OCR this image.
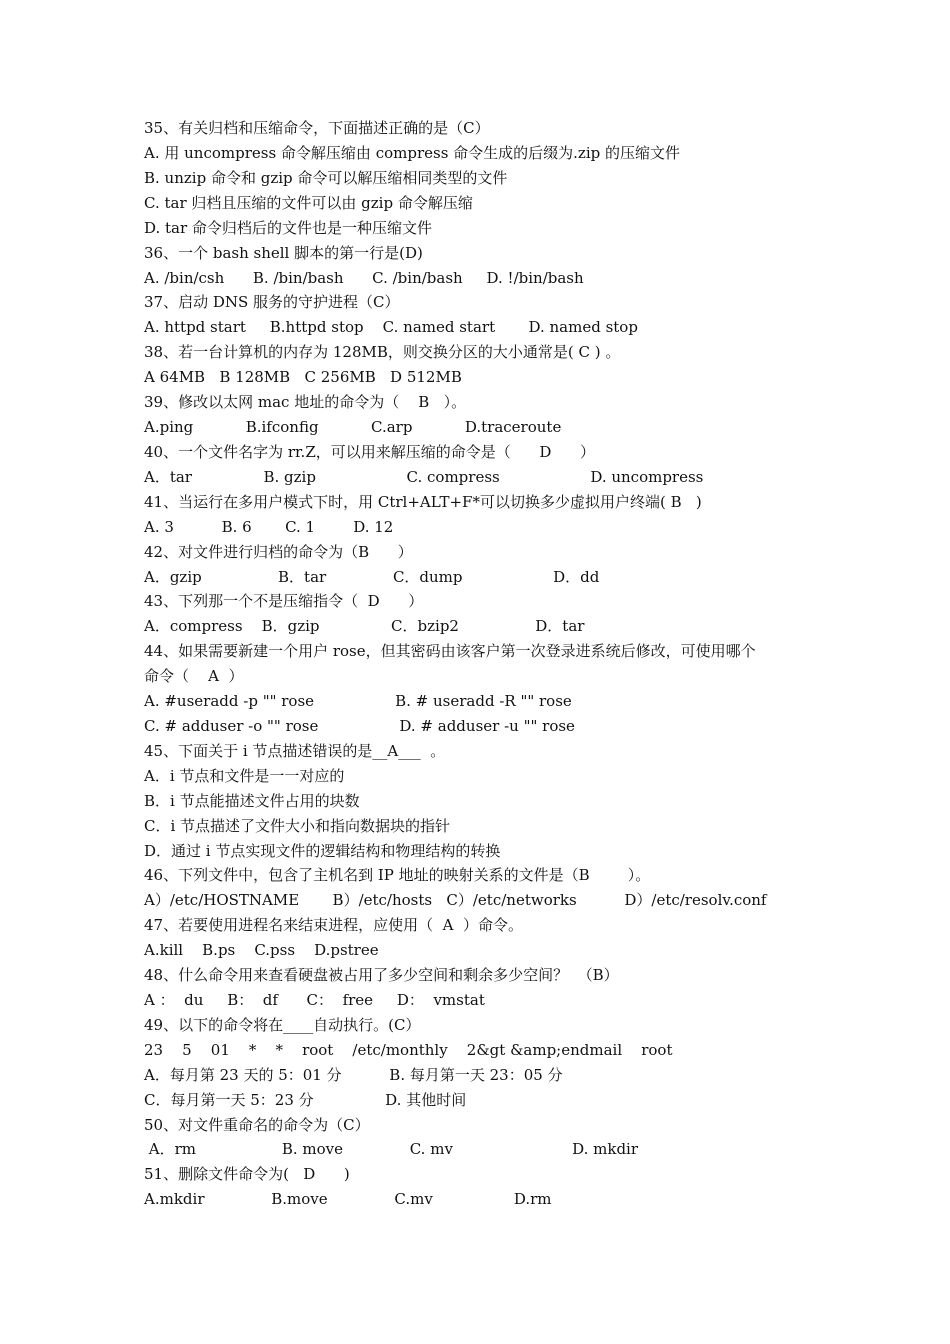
35、有关归档和压缩命令，下面描述正确的是（C）
A. 用 uncompress 命令解压缩由 compress 命令生成的后缀为.zip 的压缩文件
B. unzip 命令和 gzip 命令可以解压缩相同类型的文件
C. tar 归档且压缩的文件可以由 gzip 命令解压缩
D. tar 命令归档后的文件也是一种压缩文件
36、一个 bash shell 脚本的第一行是(D)
A. /bin/csh      B. /bin/bash      C. /bin/bash     D. !/bin/bash
37、启动 DNS 服务的守护进程（C）
A. httpd start     B.httpd stop    C. named start       D. named stop
38、若一台计算机的内存为 128MB，则交换分区的大小通常是( C ) 。
A 64MB   B 128MB   C 256MB   D 512MB
39、修改以太网 mac 地址的命令为（    B   ）。
A.ping           B.ifconfig           C.arp           D.traceroute
40、一个文件名字为 rr.Z，可以用来解压缩的命令是（      D      ）
A．tar               B. gzip                   C. compress                   D. uncompress
41、当运行在多用户模式下时，用 Ctrl+ALT+F*可以切换多少虚拟用户终端( B   )
A. 3          B. 6       C. 1        D. 12
42、对文件进行归档的命令为（B      ）
A．gzip                B．tar              C．dump                   D．dd
43、下列那一个不是压缩指令（  D      ）
A．compress    B．gzip               C．bzip2                D．tar
44、如果需要新建一个用户 rose，但其密码由该客户第一次登录进系统后修改，可使用哪个
命令（    A  ）
A. #useradd -p "" rose                 B. # useradd -R "" rose
C. # adduser -o "" rose                 D. # adduser -u "" rose
45、下面关于 i 节点描述错误的是__A___  。
A．i 节点和文件是一一对应的
B．i 节点能描述文件占用的块数
C．i 节点描述了文件大小和指向数据块的指针
D．通过 i 节点实现文件的逻辑结构和物理结构的转换
46、下列文件中，包含了主机名到 IP 地址的映射关系的文件是（B        ）。
A）/etc/HOSTNAME       B）/etc/hosts   C）/etc/networks          D）/etc/resolv.conf
47、若要使用进程名来结束进程，应使用（  A  ）命令。
A.kill    B.ps    C.pss    D.pstree
48、什么命令用来查看硬盘被占用了多少空间和剩余多少空间？  （B）
A ：  du     B：  df      C：  free     D：  vmstat
49、以下的命令将在____自动执行。(C）
23    5    01    *    *    root    /etc/monthly    2&gt &amp;endmail    root
A．每月第 23 天的 5：01 分          B. 每月第一天 23：05 分
C．每月第一天 5：23 分               D. 其他时间
50、对文件重命名的命令为（C）
A．rm                  B. move              C. mv                         D. mkdir
51、删除文件命令为(   D      )
A.mkdir              B.move              C.mv                 D.rm
